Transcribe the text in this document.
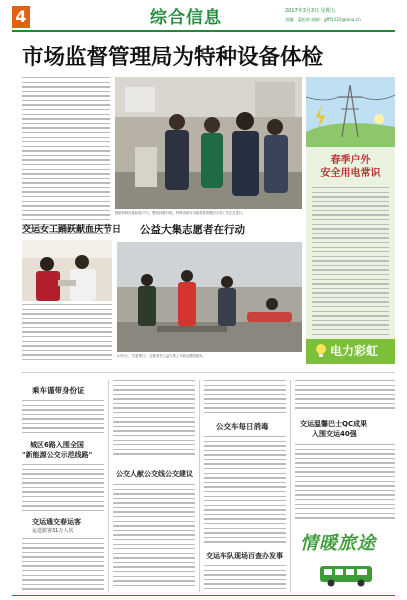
4	综合信息	2017年3月3日 星期五
责编：蓝松松 邮箱：gfff1122@sina.cn
市场监督管理局为特种设备体检
搜索特种设备检验37台，整改问题18处。特种设备安全隐患排查整治专项工作正在进行。
春季户外
安全用电常识
电力彩虹
交运女工踊跃献血庆节日 公益大集志愿者在行动
3月5日，'学雷锋日'，志愿者在公益大集上为群众提供服务。
乘车谨带身份证
城区6路入围全国
"新能源公交示范线路"
交运通交春运客
运送旅客31万人次
公交人献公交线公交建议
公交车每日消毒
交运车队现场百查办发事
交运温馨巴士QC成果
入围交运40强
情暖旅途
